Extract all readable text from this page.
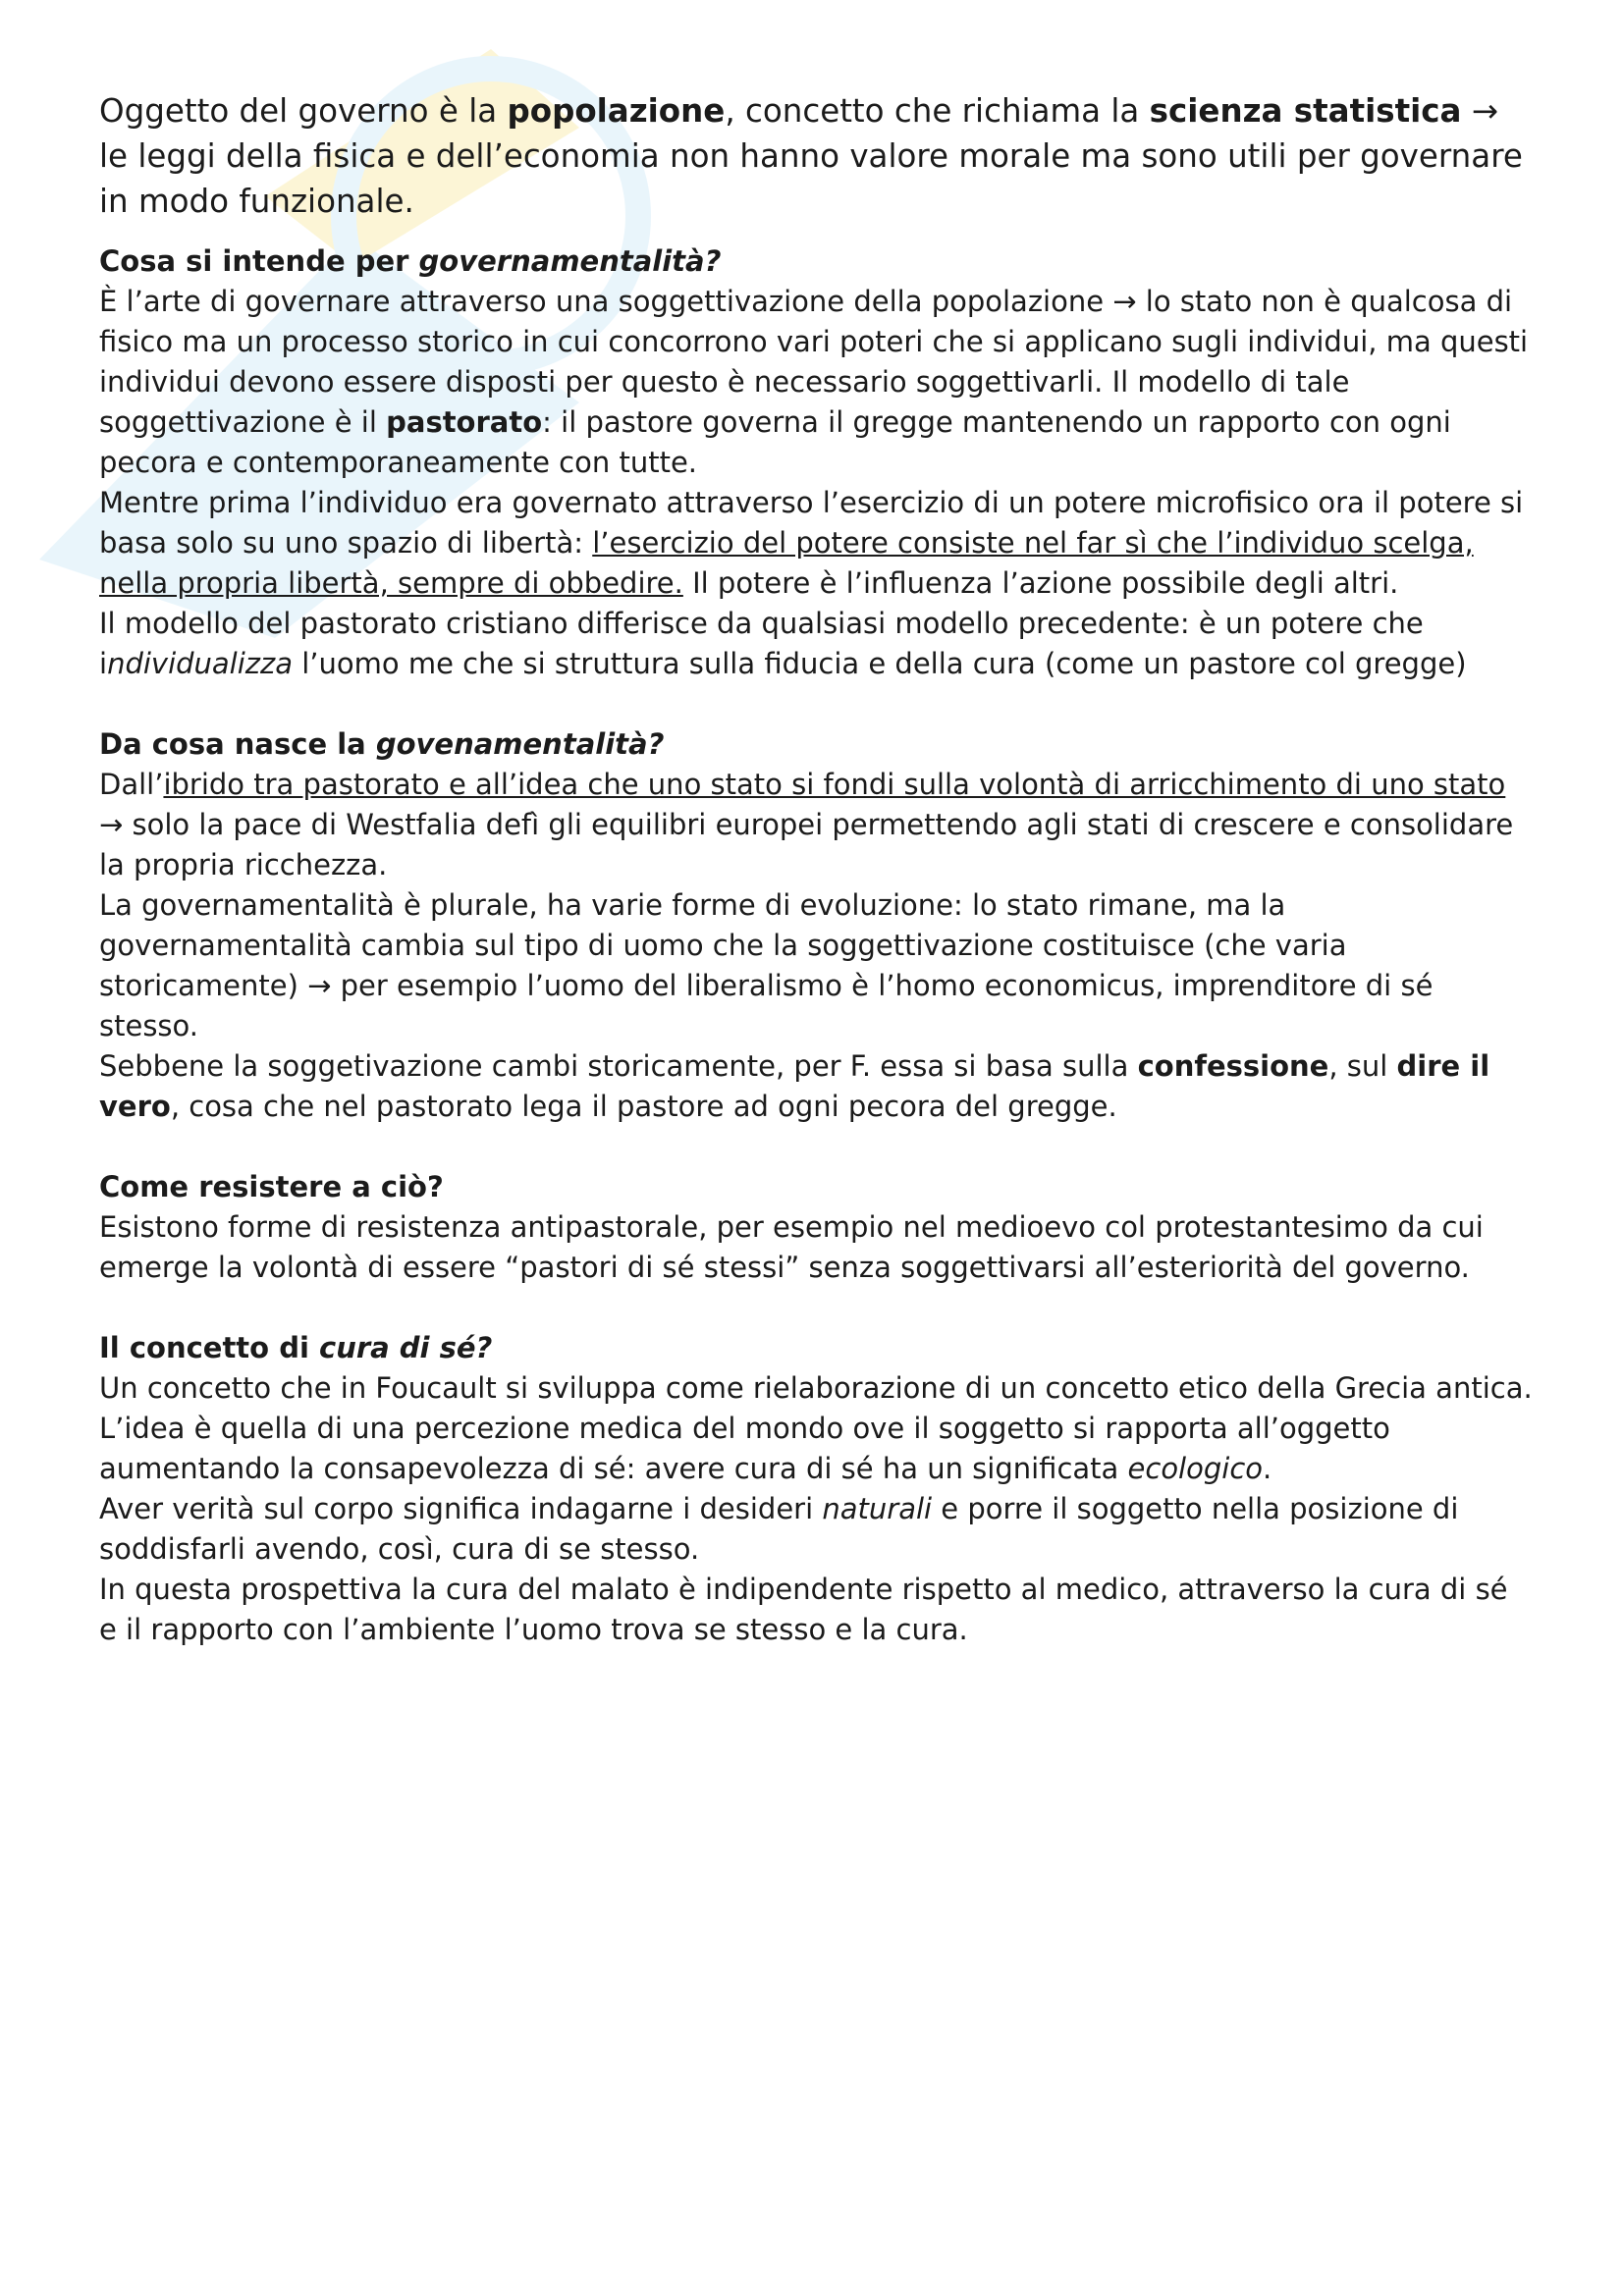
Oggetto del governo è la popolazione, concetto che richiama la scienza statistica → le leggi della fisica e dell’economia non hanno valore morale ma sono utili per governare in modo funzionale.

Cosa si intende per governamentalità?

È l’arte di governare attraverso una soggettivazione della popolazione → lo stato non è qualcosa di fisico ma un processo storico in cui concorrono vari poteri che si applicano sugli individui, ma questi individui devono essere disposti per questo è necessario soggettivarli. Il modello di tale soggettivazione è il pastorato: il pastore governa il gregge mantenendo un rapporto con ogni pecora e contemporaneamente con tutte.

Mentre prima l’individuo era governato attraverso l’esercizio di un potere microfisico ora il potere si basa solo su uno spazio di libertà: l’esercizio del potere consiste nel far sì che l’individuo scelga, nella propria libertà, sempre di obbedire. Il potere è l’influenza l’azione possibile degli altri.

Il modello del pastorato cristiano differisce da qualsiasi modello precedente: è un potere che individualizza l’uomo me che si struttura sulla fiducia e della cura (come un pastore col gregge)

Da cosa nasce la govenamentalità?

Dall’ibrido tra pastorato e all’idea che uno stato si fondi sulla volontà di arricchimento di uno stato → solo la pace di Westfalia defì gli equilibri europei permettendo agli stati di crescere e consolidare la propria ricchezza.

La governamentalità è plurale, ha varie forme di evoluzione: lo stato rimane, ma la governamentalità cambia sul tipo di uomo che la soggettivazione costituisce (che varia storicamente) → per esempio l’uomo del liberalismo è l’homo economicus, imprenditore di sé stesso.

Sebbene la soggetivazione cambi storicamente, per F. essa si basa sulla confessione, sul dire il vero, cosa che nel pastorato lega il pastore ad ogni pecora del gregge.

Come resistere a ciò?

Esistono forme di resistenza antipastorale, per esempio nel medioevo col protestantesimo da cui emerge la volontà di essere “pastori di sé stessi” senza soggettivarsi all’esteriorità del governo.

Il concetto di cura di sé?

Un concetto che in Foucault si sviluppa come rielaborazione di un concetto etico della Grecia antica. L’idea è quella di una percezione medica del mondo ove il soggetto si rapporta all’oggetto aumentando la consapevolezza di sé: avere cura di sé ha un significata ecologico.

Aver verità sul corpo significa indagarne i desideri naturali e porre il soggetto nella posizione di soddisfarli avendo, così, cura di se stesso.

In questa prospettiva la cura del malato è indipendente rispetto al medico, attraverso la cura di sé e il rapporto con l’ambiente l’uomo trova se stesso e la cura.
